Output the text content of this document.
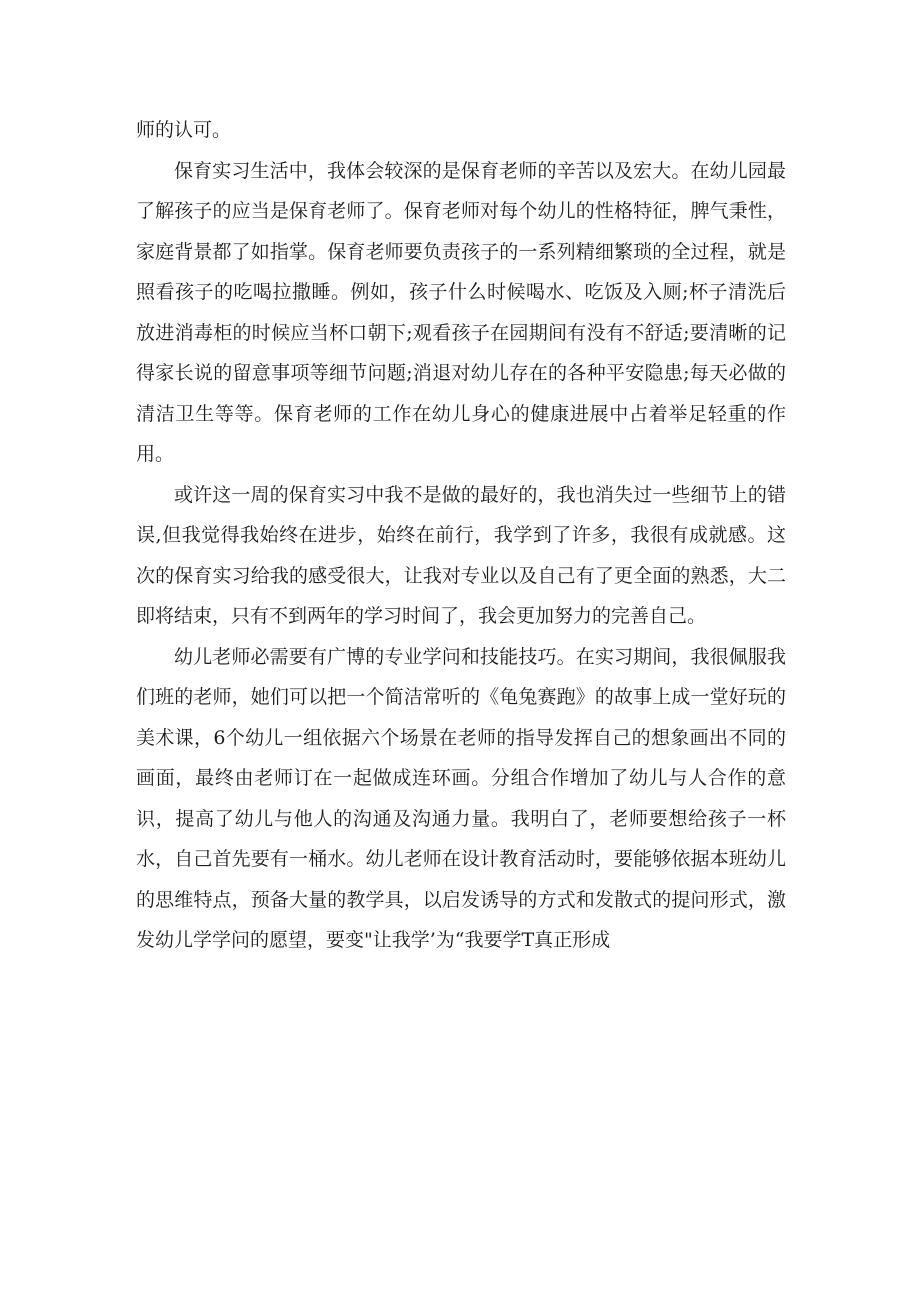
师的认可。

保育实习生活中，我体会较深的是保育老师的辛苦以及宏大。在幼儿园最了解孩子的应当是保育老师了。保育老师对每个幼儿的性格特征，脾气秉性，家庭背景都了如指掌。保育老师要负责孩子的一系列精细繁琐的全过程，就是照看孩子的吃喝拉撒睡。例如，孩子什么时候喝水、吃饭及入厕;杯子清洗后放进消毒柜的时候应当杯口朝下;观看孩子在园期间有没有不舒适;要清晰的记得家长说的留意事项等细节问题;消退对幼儿存在的各种平安隐患;每天必做的清洁卫生等等。保育老师的工作在幼儿身心的健康进展中占着举足轻重的作用。

或许这一周的保育实习中我不是做的最好的，我也消失过一些细节上的错误,但我觉得我始终在进步，始终在前行，我学到了许多，我很有成就感。这次的保育实习给我的感受很大，让我对专业以及自己有了更全面的熟悉，大二即将结束，只有不到两年的学习时间了，我会更加努力的完善自己。

幼儿老师必需要有广博的专业学问和技能技巧。在实习期间，我很佩服我们班的老师，她们可以把一个简洁常听的《龟兔赛跑》的故事上成一堂好玩的美术课，6个幼儿一组依据六个场景在老师的指导发挥自己的想象画出不同的画面，最终由老师订在一起做成连环画。分组合作增加了幼儿与人合作的意识，提高了幼儿与他人的沟通及沟通力量。我明白了，老师要想给孩子一杯水，自己首先要有一桶水。幼儿老师在设计教育活动时，要能够依据本班幼儿的思维特点，预备大量的教学具，以启发诱导的方式和发散式的提问形式，激发幼儿学学问的愿望，要变"让我学’为“我要学T真正形成
